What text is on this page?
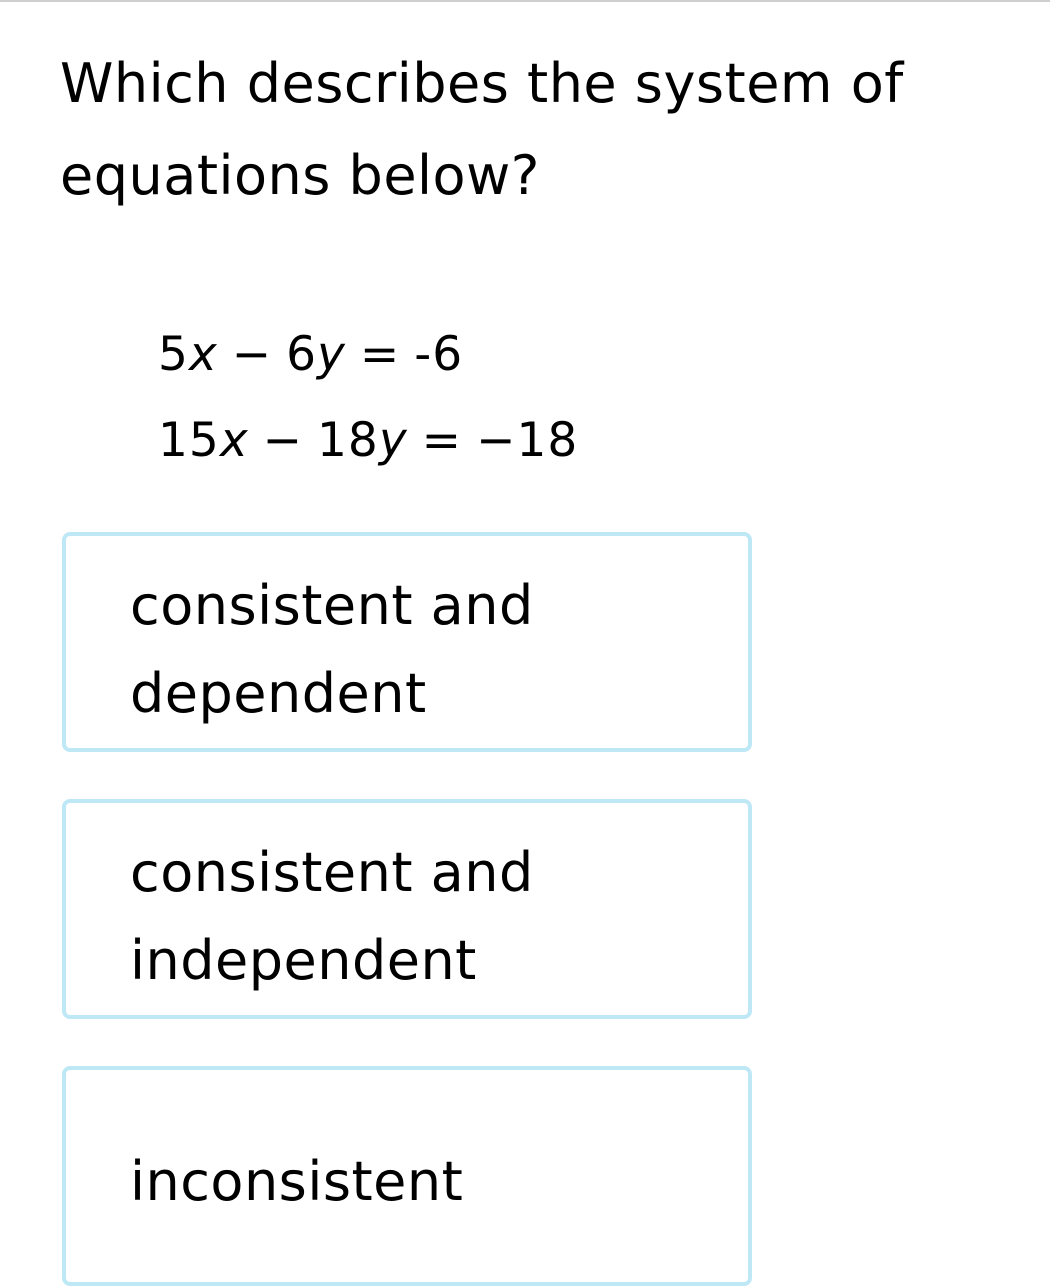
Which describes the system of equations below?
5x − 6y = -6
15x − 18y = −18
consistent and dependent
consistent and independent
inconsistent
